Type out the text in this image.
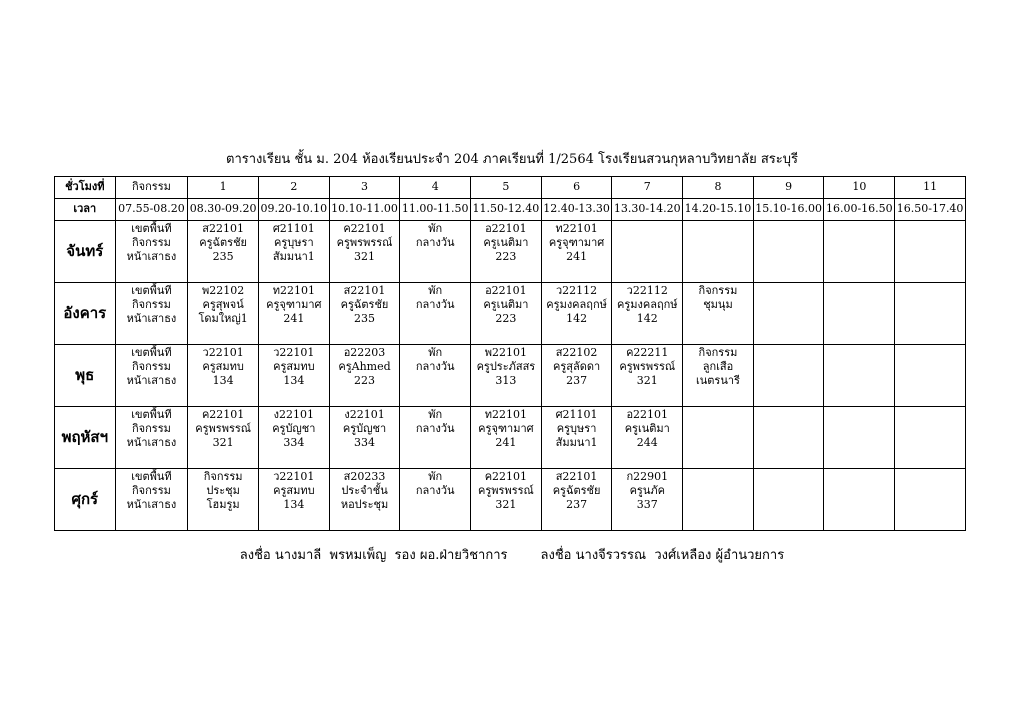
ตารางเรียน ชั้น ม. 204 ห้องเรียนประจำ 204 ภาคเรียนที่ 1/2564 โรงเรียนสวนกุหลาบวิทยาลัย สระบุรี
ชั่วโมงที่	กิจกรรม	1	2	3	4	5	6	7	8	9	10	11
เวลา	07.55-08.20	08.30-09.20	09.20-10.10	10.10-11.00	11.00-11.50	11.50-12.40	12.40-13.30	13.30-14.20	14.20-15.10	15.10-16.00	16.00-16.50	16.50-17.40
จันทร์	เขตพื้นที
กิจกรรม
หน้าเสาธง	ส22101
ครูฉัตรชัย
235	ศ21101
ครูบุษรา
สัมมนา1	ค22101
ครูพรพรรณ์
321	พัก
กลางวัน	อ22101
ครูเนติมา
223	ท22101
ครูจุฑามาศ
241					

อังคาร	เขตพื้นที
กิจกรรม
หน้าเสาธง	พ22102
ครูสุพจน์
โดมใหญ่1	ท22101
ครูจุฑามาศ
241	ส22101
ครูฉัตรชัย
235	พัก
กลางวัน	อ22101
ครูเนติมา
223	ว22112
ครูมงคลฤกษ์
142	ว22112
ครูมงคลฤกษ์
142	กิจกรรม
ชุมนุม			

พุธ	เขตพื้นที
กิจกรรม
หน้าเสาธง	ว22101
ครูสมทบ
134	ว22101
ครูสมทบ
134	อ22203
ครูAhmed
223	พัก
กลางวัน	พ22101
ครูประภัสสร
313	ส22102
ครูสุลัดดา
237	ค22211
ครูพรพรรณ์
321	กิจกรรม
ลูกเสือ
เนตรนารี			

พฤหัสฯ	เขตพื้นที
กิจกรรม
หน้าเสาธง	ค22101
ครูพรพรรณ์
321	ง22101
ครูบัญชา
334	ง22101
ครูบัญชา
334	พัก
กลางวัน	ท22101
ครูจุฑามาศ
241	ศ21101
ครูบุษรา
สัมมนา1	อ22101
ครูเนติมา
244				

ศุกร์	เขตพื้นที
กิจกรรม
หน้าเสาธง	กิจกรรม
ประชุม
โฮมรูม	ว22101
ครูสมทบ
134	ส20233
ประจำชั้น
หอประชุม	พัก
กลางวัน	ค22101
ครูพรพรรณ์
321	ส22101
ครูฉัตรชัย
237	ก22901
ครูนภัค
337				

ลงชื่อ นางมาลี  พรหมเพ็ญ  รอง ผอ.ฝ่ายวิชาการ        ลงชื่อ นางจีรวรรณ  วงศ์เหลือง ผู้อำนวยการ
